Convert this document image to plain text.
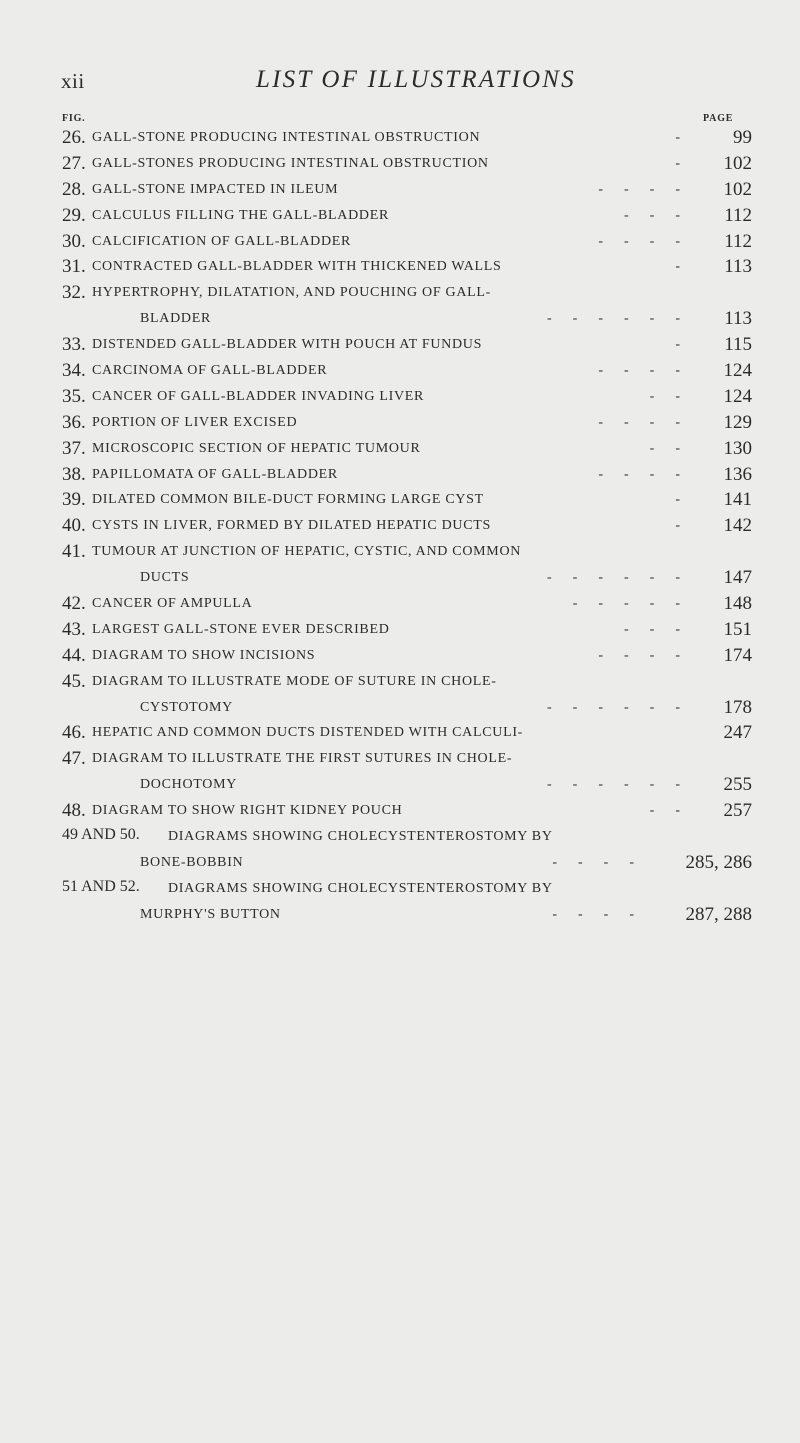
xii	LIST OF ILLUSTRATIONS
FIG.	PAGE
26. GALL-STONE PRODUCING INTESTINAL OBSTRUCTION	-	99
27. GALL-STONES PRODUCING INTESTINAL OBSTRUCTION	-	102
28. GALL-STONE IMPACTED IN ILEUM	-      -      -      -	102
29. CALCULUS FILLING THE GALL-BLADDER	-      -      -	112
30. CALCIFICATION OF GALL-BLADDER	-      -      -      -	112
31. CONTRACTED GALL-BLADDER WITH THICKENED WALLS	-	113
32. HYPERTROPHY, DILATATION, AND POUCHING OF GALL-
BLADDER	-      -      -      -      -      -	113
33. DISTENDED GALL-BLADDER WITH POUCH AT FUNDUS	-	115
34. CARCINOMA OF GALL-BLADDER	-      -      -      -	124
35. CANCER OF GALL-BLADDER INVADING LIVER	-      -	124
36. PORTION OF LIVER EXCISED	-      -      -      -	129
37. MICROSCOPIC SECTION OF HEPATIC TUMOUR	-      -	130
38. PAPILLOMATA OF GALL-BLADDER	-      -      -      -	136
39. DILATED COMMON BILE-DUCT FORMING LARGE CYST	-	141
40. CYSTS IN LIVER, FORMED BY DILATED HEPATIC DUCTS	-	142
41. TUMOUR AT JUNCTION OF HEPATIC, CYSTIC, AND COMMON
DUCTS	-      -      -      -      -      -	147
42. CANCER OF AMPULLA	-      -      -      -      -	148
43. LARGEST GALL-STONE EVER DESCRIBED	-      -      -	151
44. DIAGRAM TO SHOW INCISIONS	-      -      -      -	174
45. DIAGRAM TO ILLUSTRATE MODE OF SUTURE IN CHOLE-
CYSTOTOMY	-      -      -      -      -      -	178
46. HEPATIC AND COMMON DUCTS DISTENDED WITH CALCULI-	247
47. DIAGRAM TO ILLUSTRATE THE FIRST SUTURES IN CHOLE-
DOCHOTOMY	-      -      -      -      -      -	255
48. DIAGRAM TO SHOW RIGHT KIDNEY POUCH	-      -	257
49 AND 50. DIAGRAMS SHOWING CHOLECYSTENTEROSTOMY BY
BONE-BOBBIN	-      -      -      -	285, 286
51 AND 52. DIAGRAMS SHOWING CHOLECYSTENTEROSTOMY BY
MURPHY'S BUTTON	-      -      -      -	287, 288
